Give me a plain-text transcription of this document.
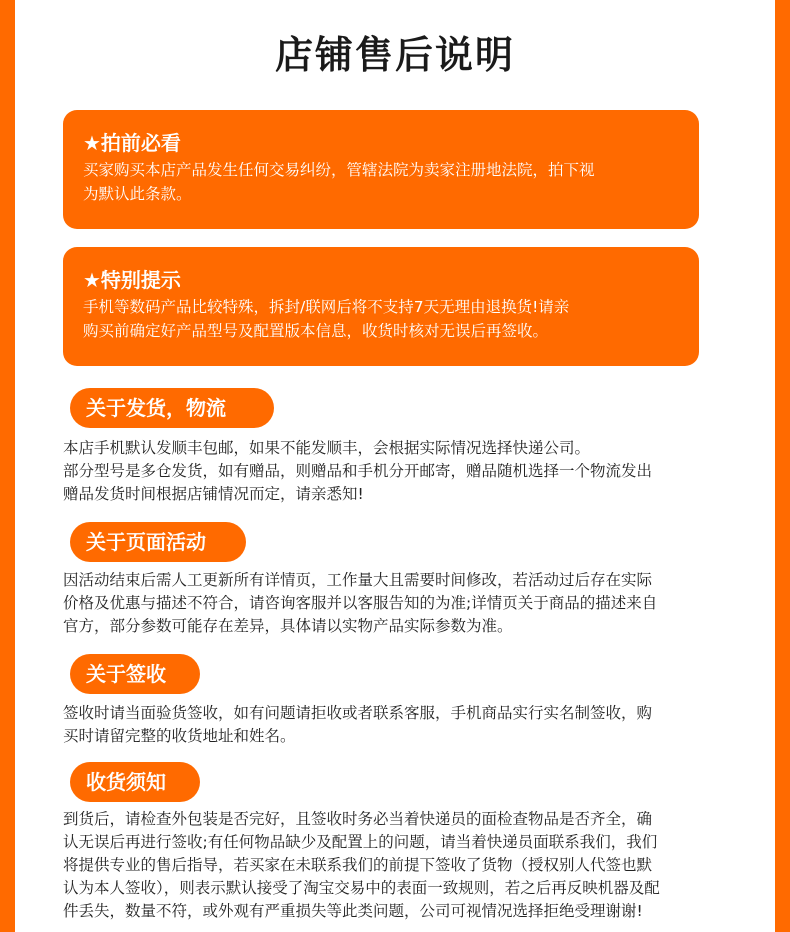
店铺售后说明

★拍前必看

买家购买本店产品发生任何交易纠纷，管辖法院为卖家注册地法院，拍下视
为默认此条款。

★特别提示

手机等数码产品比较特殊，拆封/联网后将不支持7天无理由退换货!请亲
购买前确定好产品型号及配置版本信息，收货时核对无误后再签收。

关于发货，物流

本店手机默认发顺丰包邮，如果不能发顺丰，会根据实际情况选择快递公司。
部分型号是多仓发货，如有赠品，则赠品和手机分开邮寄，赠品随机选择一个物流发出
赠品发货时间根据店铺情况而定，请亲悉知!

关于页面活动

因活动结束后需人工更新所有详情页，工作量大且需要时间修改，若活动过后存在实际
价格及优惠与描述不符合，请咨询客服并以客服告知的为准;详情页关于商品的描述来自
官方，部分参数可能存在差异，具体请以实物产品实际参数为准。

关于签收

签收时请当面验货签收，如有问题请拒收或者联系客服，手机商品实行实名制签收，购
买时请留完整的收货地址和姓名。

收货须知

到货后，请检查外包装是否完好，且签收时务必当着快递员的面检查物品是否齐全，确
认无误后再进行签收;有任何物品缺少及配置上的问题，请当着快递员面联系我们，我们
将提供专业的售后指导，若买家在未联系我们的前提下签收了货物（授权别人代签也默
认为本人签收），则表示默认接受了淘宝交易中的表面一致规则，若之后再反映机器及配
件丢失，数量不符，或外观有严重损失等此类问题，公司可视情况选择拒绝受理谢谢!
